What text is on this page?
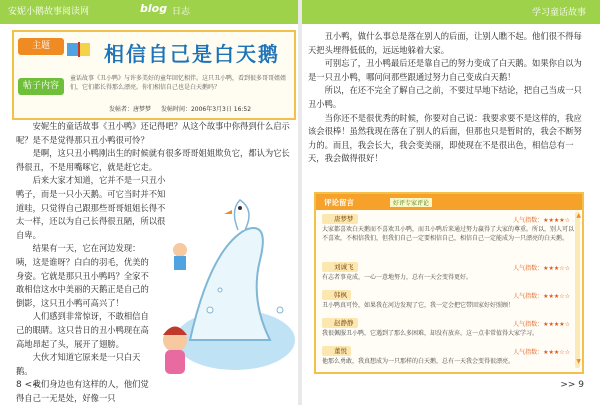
安妮小鹅故事阅读网	blog 日志	学习童话故事
主题	相信自己是白天鹅
帖子内容
童话故事《丑小鸭》与许多美好的童年回忆相伴。这只丑小鸭，看到很多哥哥姐姐们，它们都长得那么漂亮。你们相信自己也是白天鹅吗？
发帖者：唐梦梦 发帖时间：2006年3月3日 16:52

安妮生的童话故事《丑小鸭》还记得吧？从这个故事中你得到什么启示呢？是不是觉得那只丑小鸭很可怜？

是啊，这只丑小鸭刚出生的时候就有很多哥哥姐姐欺负它，都认为它长得很丑，不是用嘴啄它，就是赶它走。

后来大家才知道，它并不是一只丑小鸭子，而是一只小天鹅。可它当时并不知道哇，只觉得自己跟那些哥哥姐姐长得不太一样，还以为自己长得很丑陋，所以很自卑。

结果有一天，它在河边发现：咦，这是谁呀？白白的羽毛，优美的身姿。它就是那只丑小鸭吗？全家不敢相信这水中美丽的天鹅正是自己的倒影，这只丑小鸭可高兴了！

人们感到非常惊讶，不敢相信自己的眼睛。这只昔日的丑小鸭现在高高地昂起了头，展开了翅膀。

大伙才知道它原来是一只白天鹅。

我们身边也有这样的人，他们觉得自己一无是处，好像一只

丑小鸭，做什么事总是落在别人的后面，让别人瞧不起。他们很不得每天把头埋得低低的，远远地躲着大家。

可别忘了，丑小鸭最后还是靠自己的努力变成了白天鹅。如果你自以为是一只丑小鸭，哪问问那些跟通过努力自己变成白天鹅！

所以，在还不完全了解自己之前，不要过早地下结论，把自己当成一只丑小鸭。

当你还不是很优秀的时候，你要对自己说：我要求要不是这样的，我应该会很棒！虽然我现在落在了别人的后面，但那也只是暂时的，我会不断努力的。而且，我会长大，我会变美丽，即使现在不是很出色，相信总有一天，我会做得很好！

评论留言	好评专家评论
唐梦梦	人气指数：★★★★☆
大家都喜欢白天鹅而不喜欢丑小鸭，而丑小鸭后来通过努力赢得了大家的尊重。所以，别人可以不喜欢，不相信我们，但我们自己一定要相信自己，相信自己一定能成为一只漂亮的白天鹅。
刘诚飞	人气指数：★★★☆☆
有志者事竟成，一心一意地努力，总有一天会变得更好。
韩枫	人气指数：★★★☆☆
丑小鸭真可怜，如果我在河边发现了它，我一定会把它带回家好好照顾！
赵静静	人气指数：★★★★☆
我很佩服丑小鸭，它遇到了那么多困难，却没有放弃，这一点非常值得大家学习。
董悦	人气指数：★★★☆☆
他那么勇敢，我真想成为一只那样的白天鹅，总有一天我会变得很漂亮。
▲
▼
8 <<	>> 9
